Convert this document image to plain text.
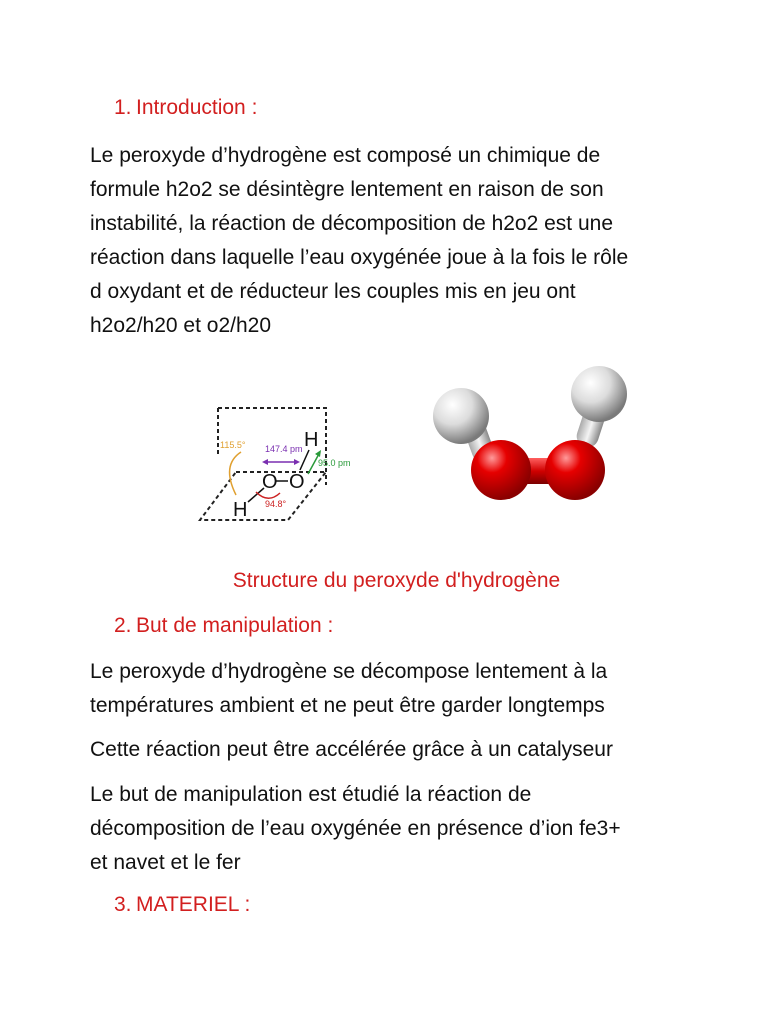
1. Introduction :
Le peroxyde d’hydrogène est composé un chimique de
formule h2o2 se désintègre lentement en raison de son
instabilité, la réaction de décomposition de h2o2 est une
réaction dans laquelle l’eau oxygénée joue à la fois le rôle
d oxydant et de réducteur les couples mis en jeu ont
h2o2/h20 et o2/h20
115.5° 147.4 pm
95.0 pm
H
O O
H 94.8°
Structure du peroxyde d'hydrogène
2. But de manipulation :
Le peroxyde d’hydrogène se décompose lentement à la
températures ambient et ne peut être garder longtemps
Cette réaction peut être accélérée grâce à un catalyseur
Le but de manipulation est étudié la réaction de
décomposition de l’eau oxygénée en présence d’ion fe3+
et navet et le fer
3. MATERIEL :
